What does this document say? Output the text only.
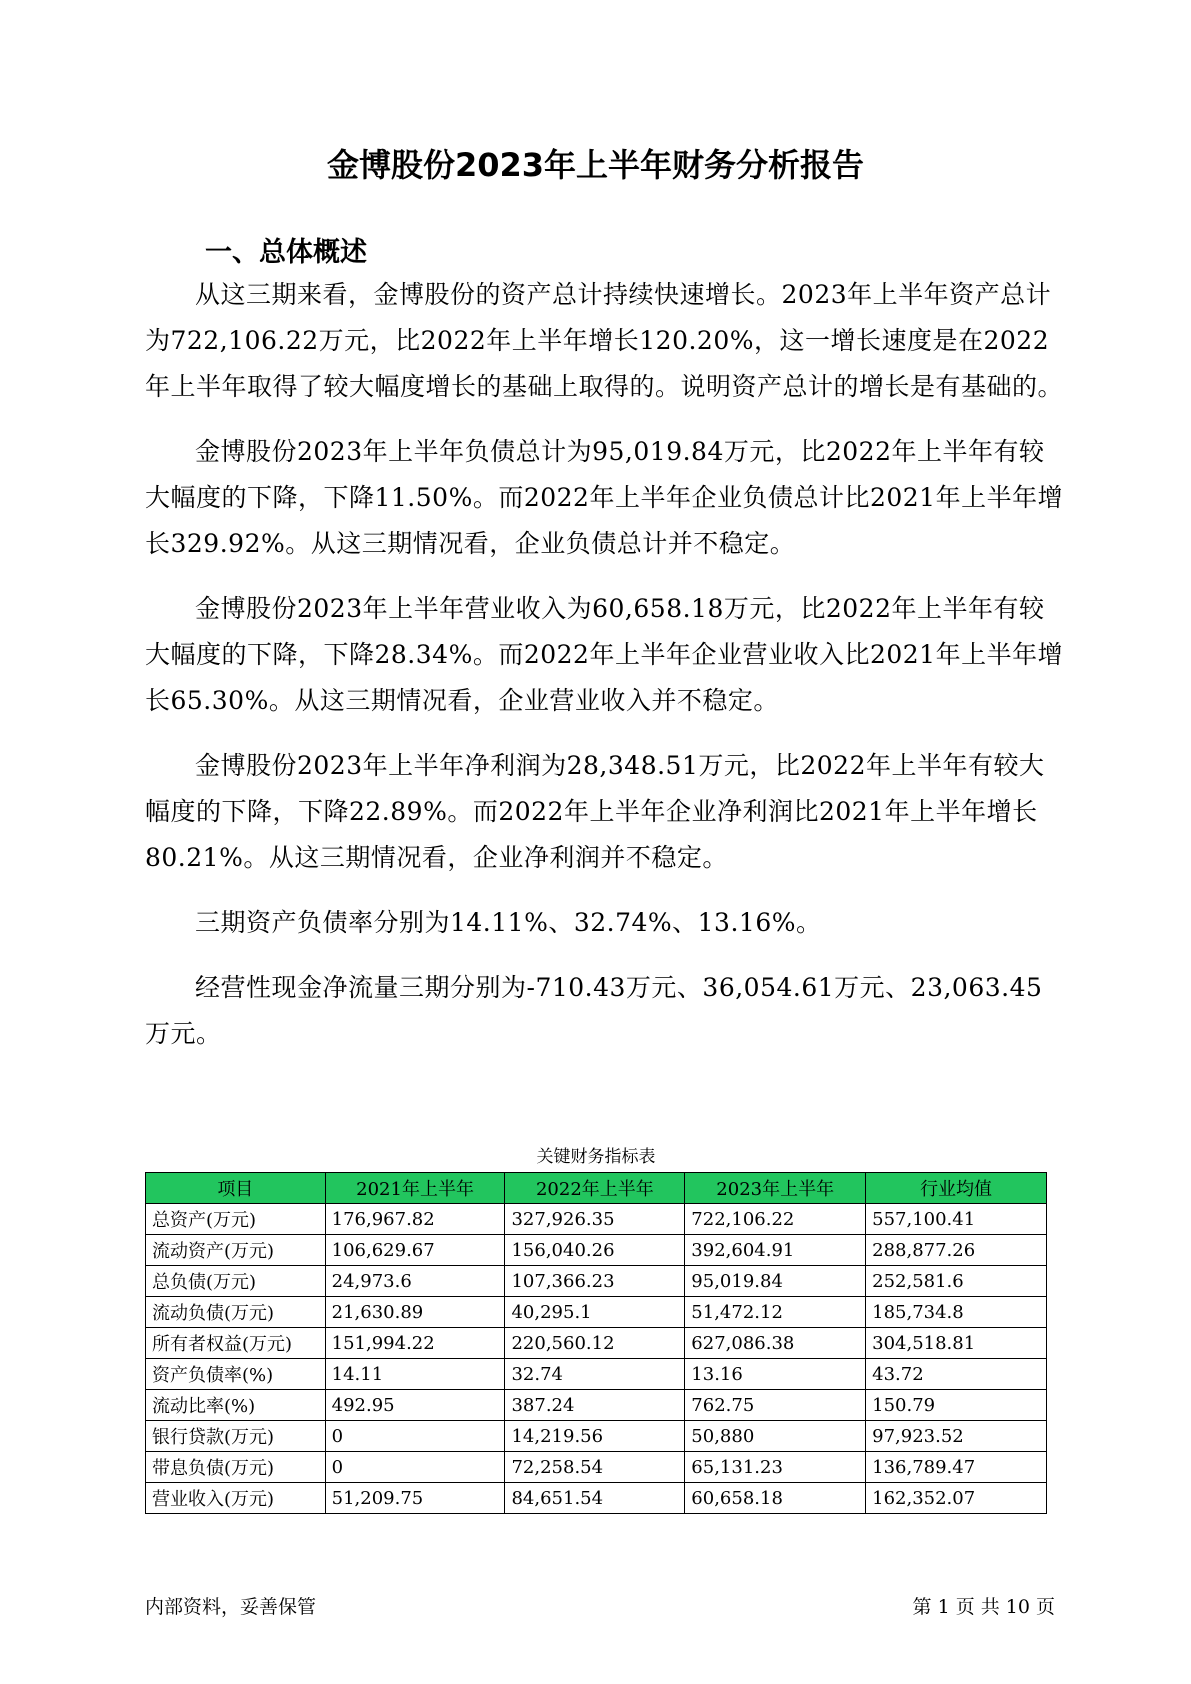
金博股份2023年上半年财务分析报告
一、总体概述

从这三期来看，金博股份的资产总计持续快速增长。2023年上半年资产总计为722,106.22万元，比2022年上半年增长120.20%，这一增长速度是在2022年上半年取得了较大幅度增长的基础上取得的。说明资产总计的增长是有基础的。

金博股份2023年上半年负债总计为95,019.84万元，比2022年上半年有较大幅度的下降，下降11.50%。而2022年上半年企业负债总计比2021年上半年增长329.92%。从这三期情况看，企业负债总计并不稳定。

金博股份2023年上半年营业收入为60,658.18万元，比2022年上半年有较大幅度的下降，下降28.34%。而2022年上半年企业营业收入比2021年上半年增长65.30%。从这三期情况看，企业营业收入并不稳定。

金博股份2023年上半年净利润为28,348.51万元，比2022年上半年有较大幅度的下降，下降22.89%。而2022年上半年企业净利润比2021年上半年增长80.21%。从这三期情况看，企业净利润并不稳定。

三期资产负债率分别为14.11%、32.74%、13.16%。

经营性现金净流量三期分别为-710.43万元、36,054.61万元、23,063.45万元。

关键财务指标表
项目	2021年上半年	2022年上半年	2023年上半年	行业均值
总资产(万元)	176,967.82	327,926.35	722,106.22	557,100.41
流动资产(万元)	106,629.67	156,040.26	392,604.91	288,877.26
总负债(万元)	24,973.6	107,366.23	95,019.84	252,581.6
流动负债(万元)	21,630.89	40,295.1	51,472.12	185,734.8
所有者权益(万元)	151,994.22	220,560.12	627,086.38	304,518.81
资产负债率(%)	14.11	32.74	13.16	43.72
流动比率(%)	492.95	387.24	762.75	150.79
银行贷款(万元)	0	14,219.56	50,880	97,923.52
带息负债(万元)	0	72,258.54	65,131.23	136,789.47
营业收入(万元)	51,209.75	84,651.54	60,658.18	162,352.07
内部资料，妥善保管	第 1 页 共 10 页
